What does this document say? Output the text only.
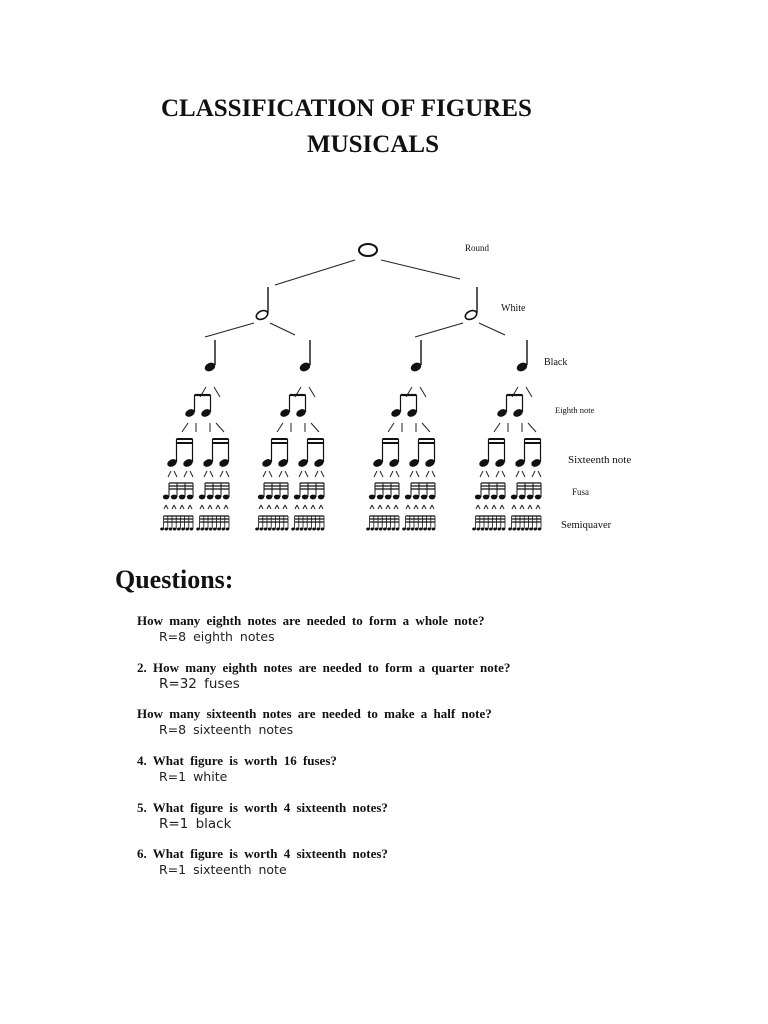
CLASSIFICATION OF FIGURES
MUSICALS
Round
White
Black
Eighth note
Sixteenth note
Fusa
Semiquaver
Questions:
How many eighth notes are needed to form a whole note?
R=8 eighth notes
2. How many eighth notes are needed to form a quarter note?
R=32 fuses
How many sixteenth notes are needed to make a half note?
R=8 sixteenth notes
4. What figure is worth 16 fuses?
R=1 white
5. What figure is worth 4 sixteenth notes?
R=1 black
6. What figure is worth 4 sixteenth notes?
R=1 sixteenth note
